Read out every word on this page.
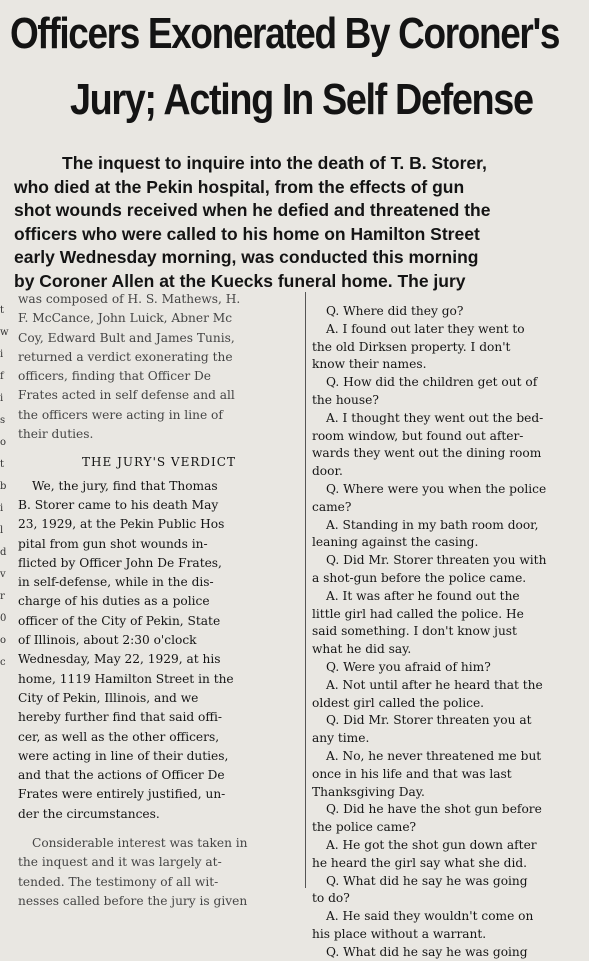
Officers Exonerated By Coroner's
Jury; Acting In Self Defense
The inquest to inquire into the death of T. B. Storer,
who died at the Pekin hospital, from the effects of gun
shot wounds received when he defied and threatened the
officers who were called to his home on Hamilton Street
early Wednesday morning, was conducted this morning
by Coroner Allen at the Kuecks funeral home. The jury
t
w
i
f
i
s
o
t
b
i
l
d
v
r
0
o
c
was composed of H. S. Mathews, H.
F. McCance, John Luick, Abner Mc
Coy, Edward Bult and James Tunis,
returned a verdict exonerating the
officers, finding that Officer De
Frates acted in self defense and all
the officers were acting in line of
their duties.
THE JURY'S VERDICT
We, the jury, find that Thomas
B. Storer came to his death May
23, 1929, at the Pekin Public Hos
pital from gun shot wounds in-
flicted by Officer John De Frates,
in self-defense, while in the dis-
charge of his duties as a police
officer of the City of Pekin, State
of Illinois, about 2:30 o'clock
Wednesday, May 22, 1929, at his
home, 1119 Hamilton Street in the
City of Pekin, Illinois, and we
hereby further find that said offi-
cer, as well as the other officers,
were acting in line of their duties,
and that the actions of Officer De
Frates were entirely justified, un-
der the circumstances.
Considerable interest was taken in
the inquest and it was largely at-
tended. The testimony of all wit-
nesses called before the jury is given
Q. Where did they go?
A. I found out later they went to
the old Dirksen property. I don't
know their names.
Q. How did the children get out of
the house?
A. I thought they went out the bed-
room window, but found out after-
wards they went out the dining room
door.
Q. Where were you when the police
came?
A. Standing in my bath room door,
leaning against the casing.
Q. Did Mr. Storer threaten you with
a shot-gun before the police came.
A. It was after he found out the
little girl had called the police. He
said something. I don't know just
what he did say.
Q. Were you afraid of him?
A. Not until after he heard that the
oldest girl called the police.
Q. Did Mr. Storer threaten you at
any time.
A. No, he never threatened me but
once in his life and that was last
Thanksgiving Day.
Q. Did he have the shot gun before
the police came?
A. He got the shot gun down after
he heard the girl say what she did.
Q. What did he say he was going
to do?
A. He said they wouldn't come on
his place without a warrant.
Q. What did he say he was going
